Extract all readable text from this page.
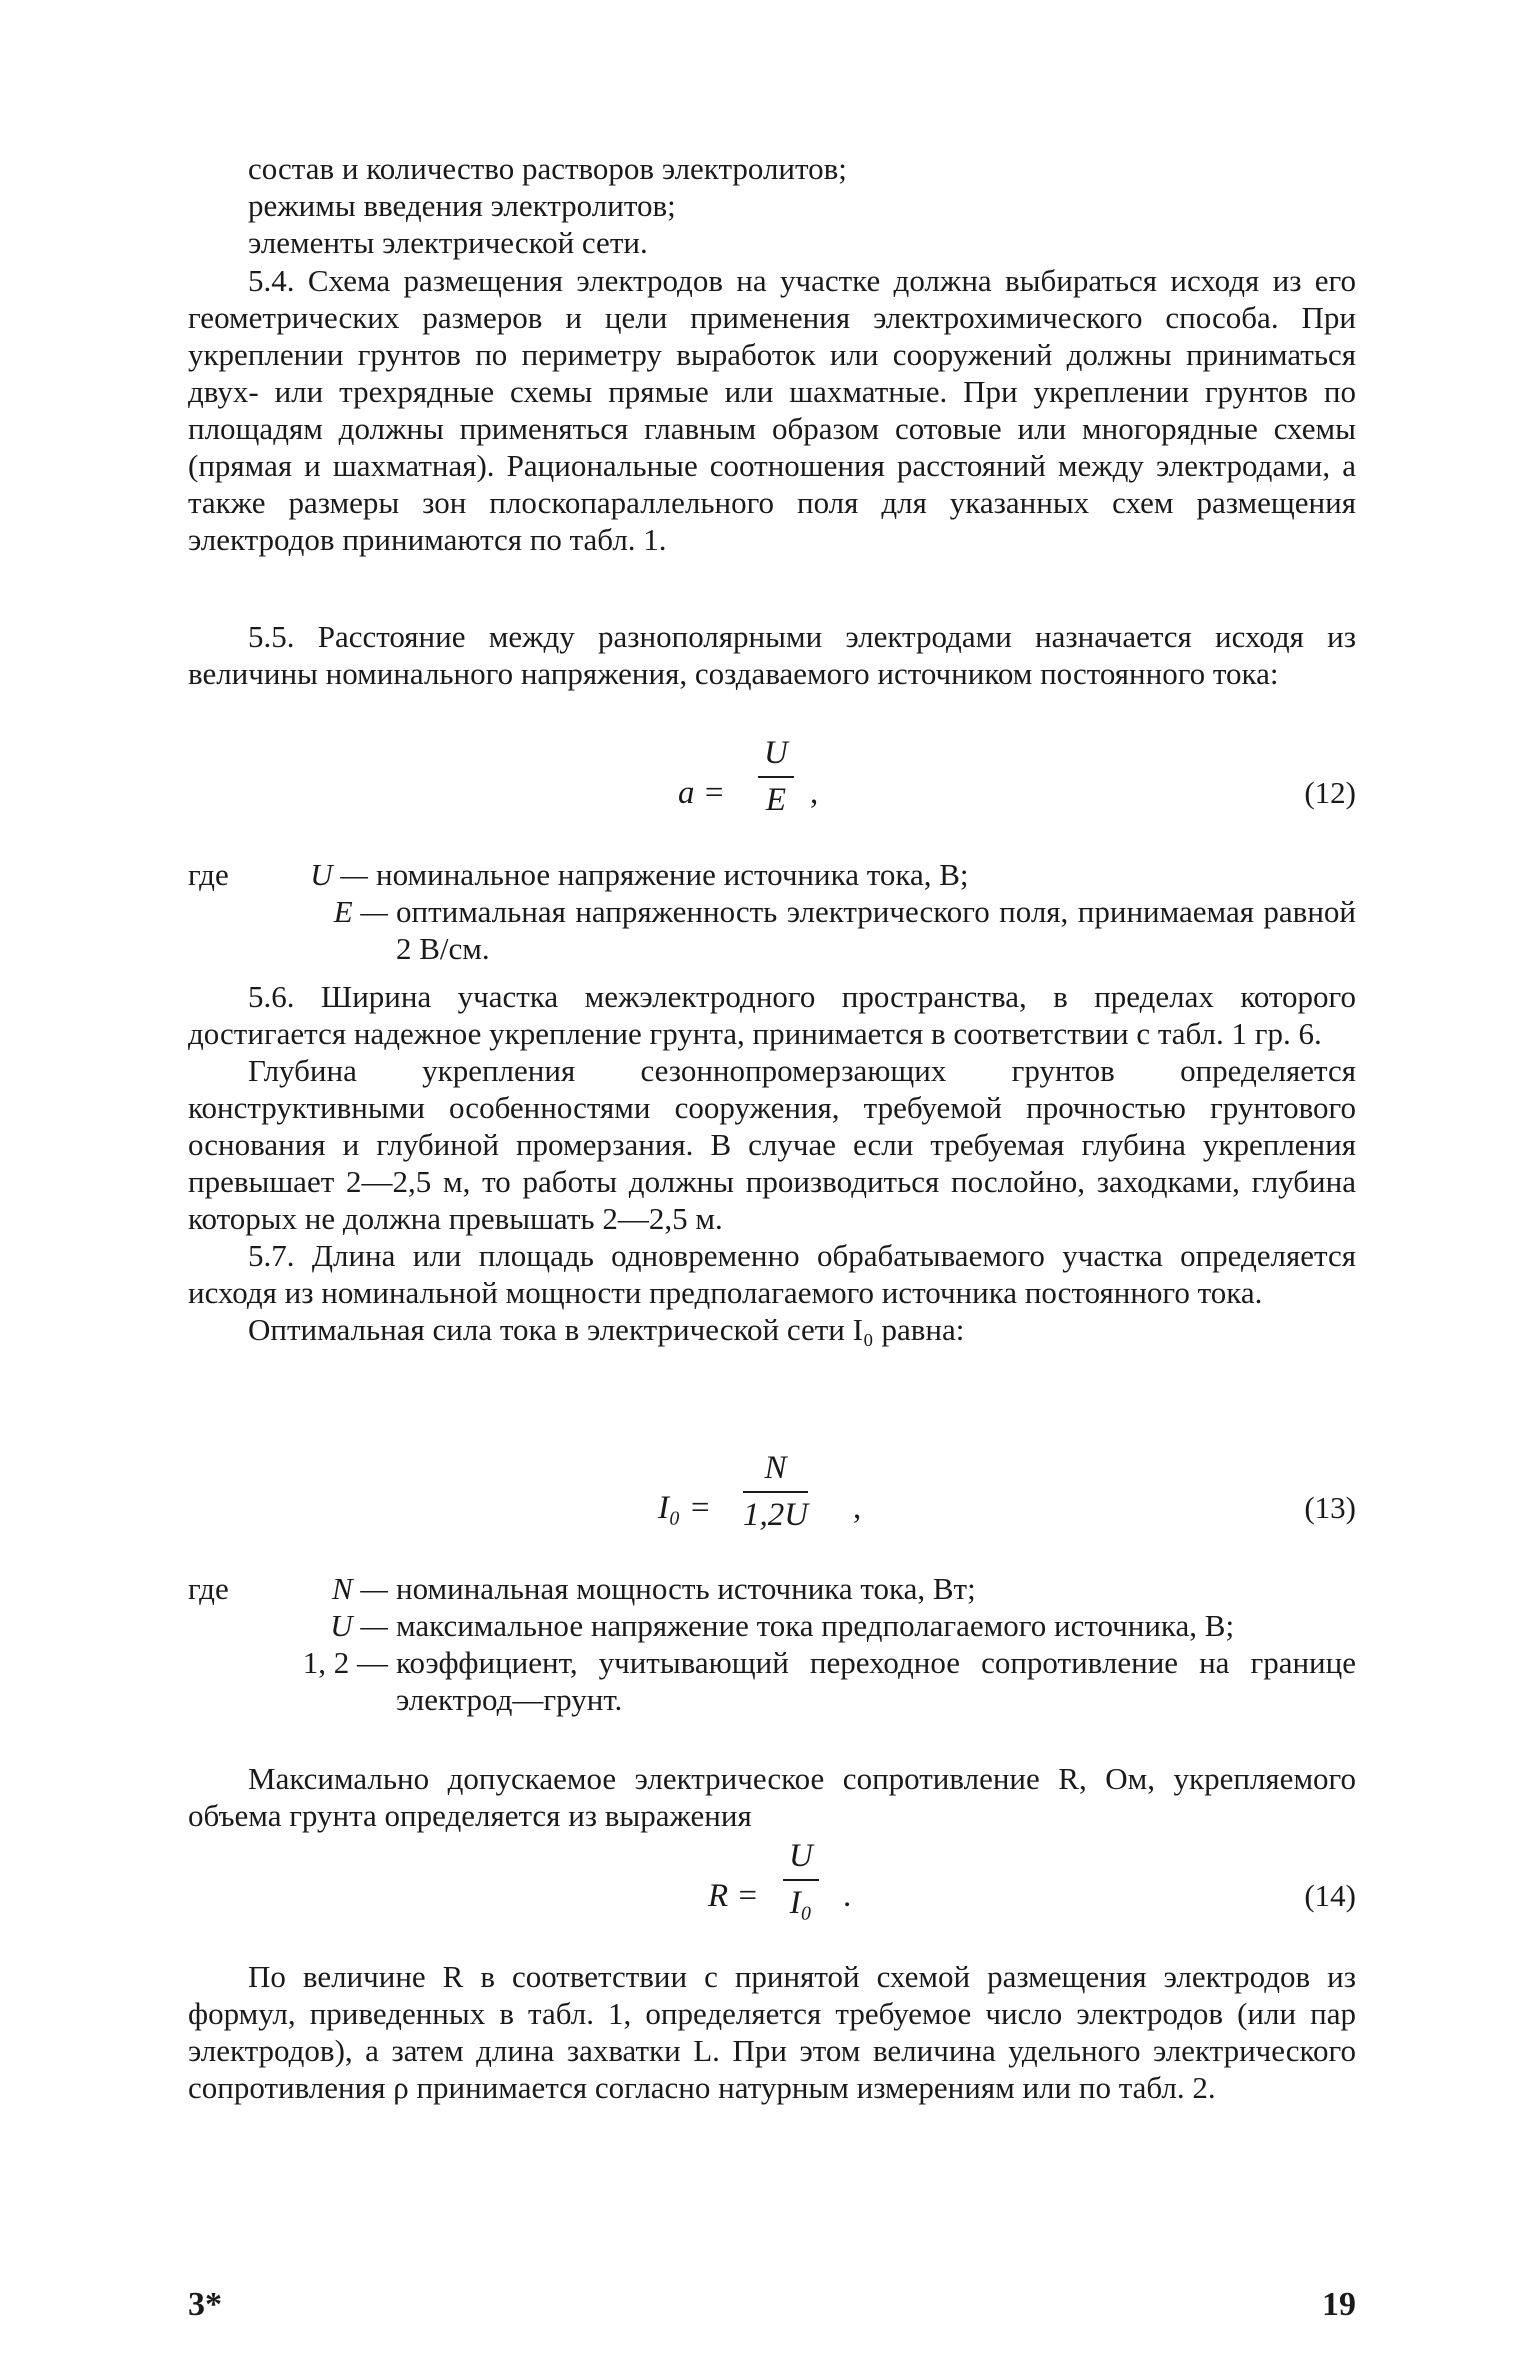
состав и количество растворов электролитов;

режимы введения электролитов;

элементы электрической сети.

5.4. Схема размещения электродов на участке должна выбираться исходя из его геометрических размеров и цели применения электрохимического способа. При укреплении грунтов по периметру выработок или сооружений должны приниматься двух- или трехрядные схемы прямые или шахматные. При укреплении грунтов по площадям должны применяться главным образом сотовые или многорядные схемы (прямая и шахматная). Рациональные соотношения расстояний между электродами, а также размеры зон плоскопараллельного поля для указанных схем размещения электродов принимаются по табл. 1.

5.5. Расстояние между разнополярными электродами назначается исходя из величины номинального напряжения, создаваемого источником постоянного тока:

$a = \frac{U}{E}$ ,	(12)
где	U — номинальное напряжение источника тока, В;

E — оптимальная напряженность электрического поля, принимаемая равной 2 В/см.

5.6. Ширина участка межэлектродного пространства, в пределах которого достигается надежное укрепление грунта, принимается в соответствии с табл. 1 гр. 6.

Глубина укрепления сезоннопромерзающих грунтов определяется конструктивными особенностями сооружения, требуемой прочностью грунтового основания и глубиной промерзания. В случае если требуемая глубина укрепления превышает 2—2,5 м, то работы должны производиться послойно, заходками, глубина которых не должна превышать 2—2,5 м.

5.7. Длина или площадь одновременно обрабатываемого участка определяется исходя из номинальной мощности предполагаемого источника постоянного тока.

Оптимальная сила тока в электрической сети I₀ равна:

$I_0 = \frac{N}{1,2U}$ ,	(13)
где	N — номинальная мощность источника тока, Вт;

U — максимальное напряжение тока предполагаемого источника, В;

1, 2 — коэффициент, учитывающий переходное сопротивление на границе электрод—грунт.

Максимально допускаемое электрическое сопротивление R, Ом, укрепляемого объема грунта определяется из выражения

$R = \frac{U}{\text{I₀}}$ .	(14)

По величине R в соответствии с принятой схемой размещения электродов из формул, приведенных в табл. 1, определяется требуемое число электродов (или пар электродов), а затем длина захватки L. При этом величина удельного электрического сопротивления ρ принимается согласно натурным измерениям или по табл. 2.

3*	19
